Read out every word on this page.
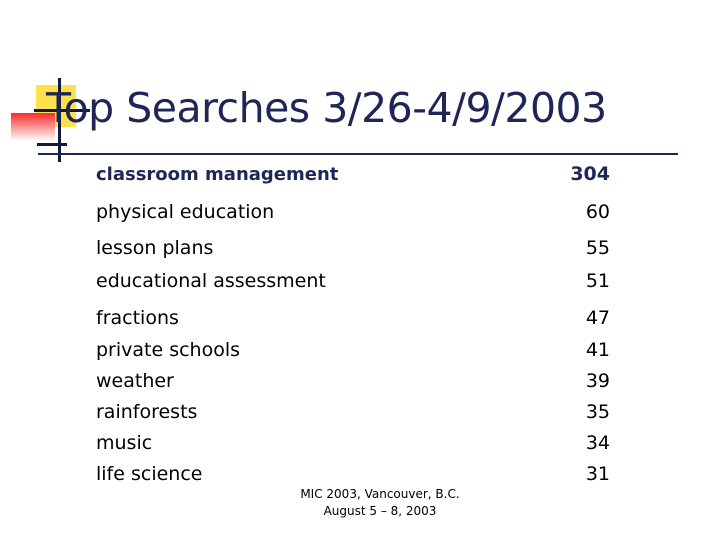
Top Searches 3/26-4/9/2003
classroom management	304
physical education	60
lesson plans	55
educational assessment	51
fractions	47
private schools	41
weather	39
rainforests	35
music	34
life science	31
MIC 2003, Vancouver, B.C.
August 5 – 8, 2003
